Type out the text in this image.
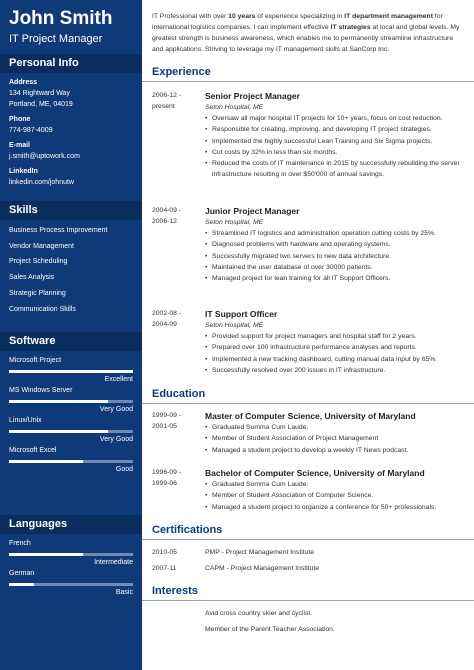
John Smith
IT Project Manager
Personal Info
Address
134 Rightward Way
Portland, ME, 04019
Phone
774-987-4009
E-mail
j.smith@uptowork.com
LinkedIn
linkedin.com/johnutw
Skills
Business Process Improvement
Vendor Management
Project Scheduling
Sales Analysis
Strategic Planning
Communication Skills
Software
Microsoft Project
Excellent
MS Windows Server
Very Good
Linux/Unix
Very Good
Microsoft Excel
Good
Languages
French
Intermediate
German
Basic
IT Professional with over 10 years of experience specializing in IT department management for international logistics companies. I can implement effective IT strategies at local and global levels. My greatest strength is business awareness, which enables me to permanently streamline infrastructure and applications. Striving to leverage my IT management skills at SanCorp Inc.
Experience
2006-12 -
present
Senior Project Manager
Seton Hospital, ME
• Oversaw all major hospital IT projects for 10+ years, focus on cost reduction.
• Responsible for creating, improving, and developing IT project strategies.
• Implemented the highly successful Lean Training and Six Sigma projects.
• Cut costs by 32% in less than six months.
• Reduced the costs of IT maintenance in 2015 by successfully rebuilding the server infrastructure resulting in over $50'000 of annual savings.
2004-09 -
2006-12
Junior Project Manager
Seton Hospital, ME
• Streamlined IT logistics and administration operation cutting costs by 25%.
• Diagnosed problems with hardware and operating systems.
• Successfully migrated two servers to new data architecture.
• Maintained the user database of over 30000 patients.
• Managed project for lean training for all IT Support Officers.
2002-08 -
2004-09
IT Support Officer
Seton Hospital, ME
• Provided support for project managers and hospital staff for 2 years.
• Prepared over 100 infrastructure performance analyses and reports.
• Implemented a new tracking dashboard, cutting manual data input by 65%.
• Successfully resolved over 200 issues in IT infrastructure.
Education
1999-09 -
2001-05
Master of Computer Science, University of Maryland
• Graduated Summa Cum Laude.
• Member of Student Association of Project Management
• Managed a student project to develop a weekly IT News podcast.
1996-09 -
1999-06
Bachelor of Computer Science, University of Maryland
• Graduated Summa Cum Laude.
• Member of Student Association of Computer Science.
• Managed a student project to organize a conference for 50+ professionals.
Certifications
2010-05	PMP - Project Management Institute
2007-11	CAPM - Project Management Institute
Interests
Avid cross country skier and cyclist.
Member of the Parent Teacher Association.
